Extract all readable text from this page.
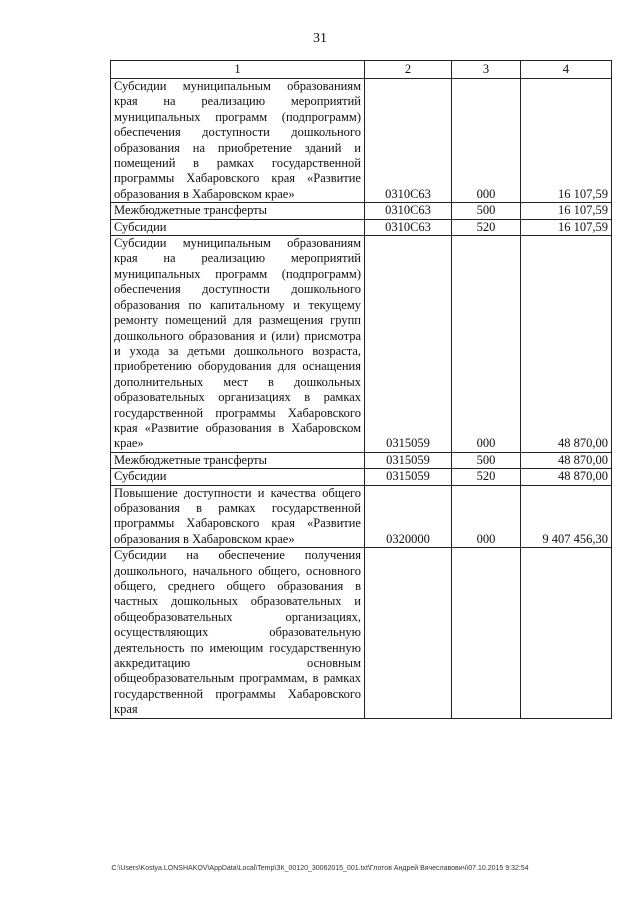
31
1	2	3	4
Субсидии муниципальным образованиям края на реализацию мероприятий муниципальных программ (подпрограмм) обеспечения доступности дошкольного образования на приобретение зданий и помещений в рамках государственной программы Хабаровского края «Развитие образования в Хабаровском крае»	0310С63	000	16 107,59
Межбюджетные трансферты	0310С63	500	16 107,59
Субсидии	0310С63	520	16 107,59
Субсидии муниципальным образованиям края на реализацию мероприятий муниципальных программ (подпрограмм) обеспечения доступности дошкольного образования по капитальному и текущему ремонту помещений для размещения групп дошкольного образования и (или) присмотра и ухода за детьми дошкольного возраста, приобретению оборудования для оснащения дополнительных мест в дошкольных образовательных организациях в рамках государственной программы Хабаровского края «Развитие образования в Хабаровском крае»	0315059	000	48 870,00
Межбюджетные трансферты	0315059	500	48 870,00
Субсидии	0315059	520	48 870,00
Повышение доступности и качества общего образования в рамках государственной программы Хабаровского края «Развитие образования в Хабаровском крае»	0320000	000	9 407 456,30
Субсидии на обеспечение получения дошкольного, начального общего, основного общего, среднего общего образования в частных дошкольных образовательных и общеобразовательных организациях, осуществляющих образовательную деятельность по имеющим государственную аккредитацию основным общеобразовательным программам, в рамках государственной программы Хабаровского края			
C:\Users\Kostya.LONSHAKOV\AppData\Local\Temp\ЗК_00120_30062015_001.txt\Глотов Андрей Вячеславович\07.10.2015 9:32:54
